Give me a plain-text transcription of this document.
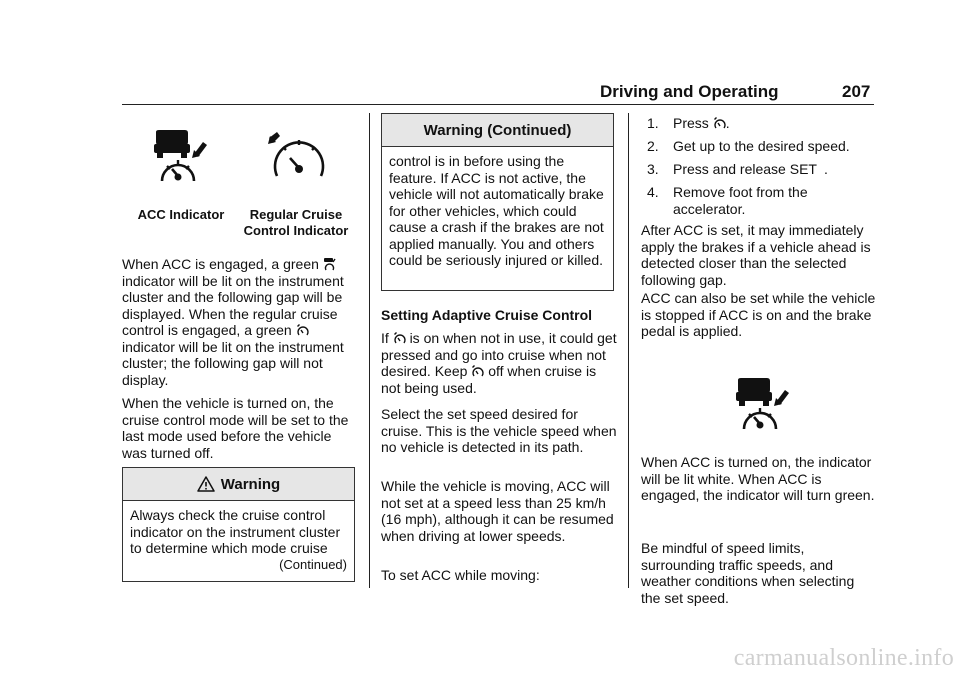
Driving and Operating	207
ACC Indicator	Regular Cruise
Control Indicator
When ACC is engaged, a green  indicator will be lit on the instrument cluster and the following gap will be displayed. When the regular cruise control is engaged, a green  indicator will be lit on the instrument cluster; the following gap will not display.
When the vehicle is turned on, the cruise control mode will be set to the last mode used before the vehicle was turned off.
Warning

Always check the cruise control indicator on the instrument cluster to determine which mode cruise

(Continued)

Warning (Continued)
control is in before using the feature. If ACC is not active, the vehicle will not automatically brake for other vehicles, which could cause a crash if the brakes are not applied manually. You and others could be seriously injured or killed.
Setting Adaptive Cruise Control
If is on when not in use, it could get pressed and go into cruise when not desired. Keep off when cruise is not being used.
Select the set speed desired for cruise. This is the vehicle speed when no vehicle is detected in its path.
While the vehicle is moving, ACC will not set at a speed less than 25 km/h (16 mph), although it can be resumed when driving at lower speeds.
To set ACC while moving:
1. Press .
2. Get up to the desired speed.
3. Press and release SET .
4. Remove foot from the accelerator.
After ACC is set, it may immediately apply the brakes if a vehicle ahead is detected closer than the selected following gap.
ACC can also be set while the vehicle is stopped if ACC is on and the brake pedal is applied.
When ACC is turned on, the indicator will be lit white. When ACC is engaged, the indicator will turn green.
Be mindful of speed limits, surrounding traffic speeds, and weather conditions when selecting the set speed.
carmanualsonline.info
